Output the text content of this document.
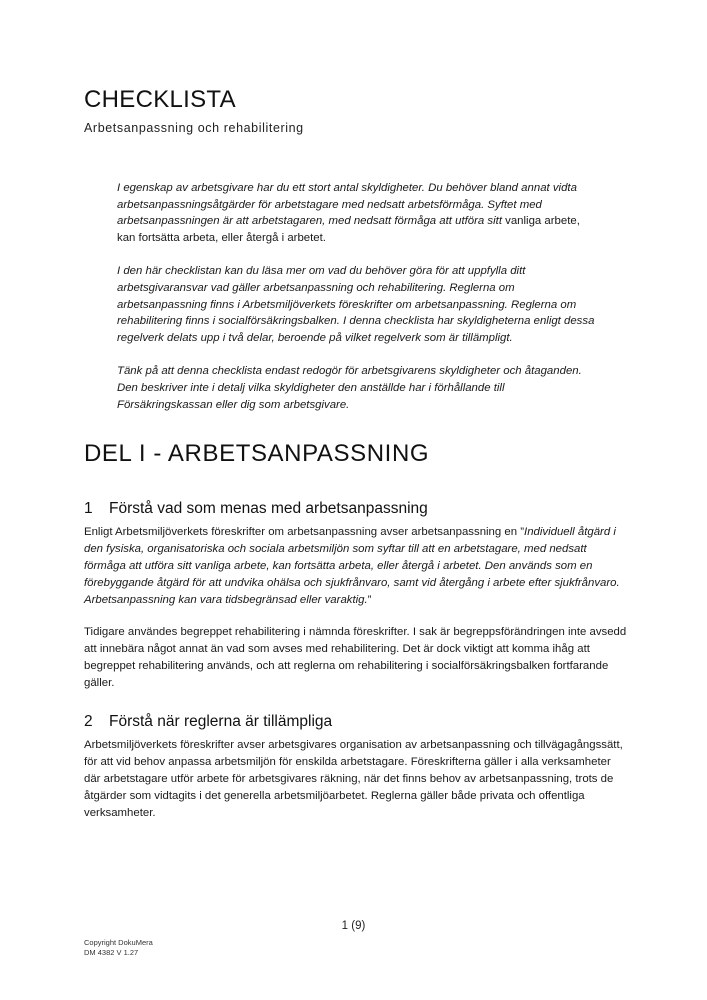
CHECKLISTA
Arbetsanpassning och rehabilitering

I egenskap av arbetsgivare har du ett stort antal skyldigheter. Du behöver bland annat vidta arbetsanpassningsåtgärder för arbetstagare med nedsatt arbetsförmåga. Syftet med arbetsanpassningen är att arbetstagaren, med nedsatt förmåga att utföra sitt vanliga arbete, kan fortsätta arbeta, eller återgå i arbetet.

I den här checklistan kan du läsa mer om vad du behöver göra för att uppfylla ditt arbetsgivaransvar vad gäller arbetsanpassning och rehabilitering. Reglerna om arbetsanpassning finns i Arbetsmiljöverkets föreskrifter om arbetsanpassning. Reglerna om rehabilitering finns i socialförsäkringsbalken. I denna checklista har skyldigheterna enligt dessa regelverk delats upp i två delar, beroende på vilket regelverk som är tillämpligt.

Tänk på att denna checklista endast redogör för arbetsgivarens skyldigheter och åtaganden. Den beskriver inte i detalj vilka skyldigheter den anställde har i förhållande till Försäkringskassan eller dig som arbetsgivare.

DEL I - ARBETSANPASSNING
1	Förstå vad som menas med arbetsanpassning

Enligt Arbetsmiljöverkets föreskrifter om arbetsanpassning avser arbetsanpassning en ”Individuell åtgärd i den fysiska, organisatoriska och sociala arbetsmiljön som syftar till att en arbetstagare, med nedsatt förmåga att utföra sitt vanliga arbete, kan fortsätta arbeta, eller återgå i arbetet. Den används som en förebyggande åtgärd för att undvika ohälsa och sjukfrånvaro, samt vid återgång i arbete efter sjukfrånvaro. Arbetsanpassning kan vara tidsbegränsad eller varaktig.”

Tidigare användes begreppet rehabilitering i nämnda föreskrifter. I sak är begreppsförändringen inte avsedd att innebära något annat än vad som avses med rehabilitering. Det är dock viktigt att komma ihåg att begreppet rehabilitering används, och att reglerna om rehabilitering i socialförsäkringsbalken fortfarande gäller.

2	Förstå när reglerna är tillämpliga

Arbetsmiljöverkets föreskrifter avser arbetsgivares organisation av arbetsanpassning och tillvägagångssätt, för att vid behov anpassa arbetsmiljön för enskilda arbetstagare. Föreskrifterna gäller i alla verksamheter där arbetstagare utför arbete för arbetsgivares räkning, när det finns behov av arbetsanpassning, trots de åtgärder som vidtagits i det generella arbetsmiljöarbetet. Reglerna gäller både privata och offentliga verksamheter.

1 (9)
Copyright DokuMera
DM 4382 V 1.27
